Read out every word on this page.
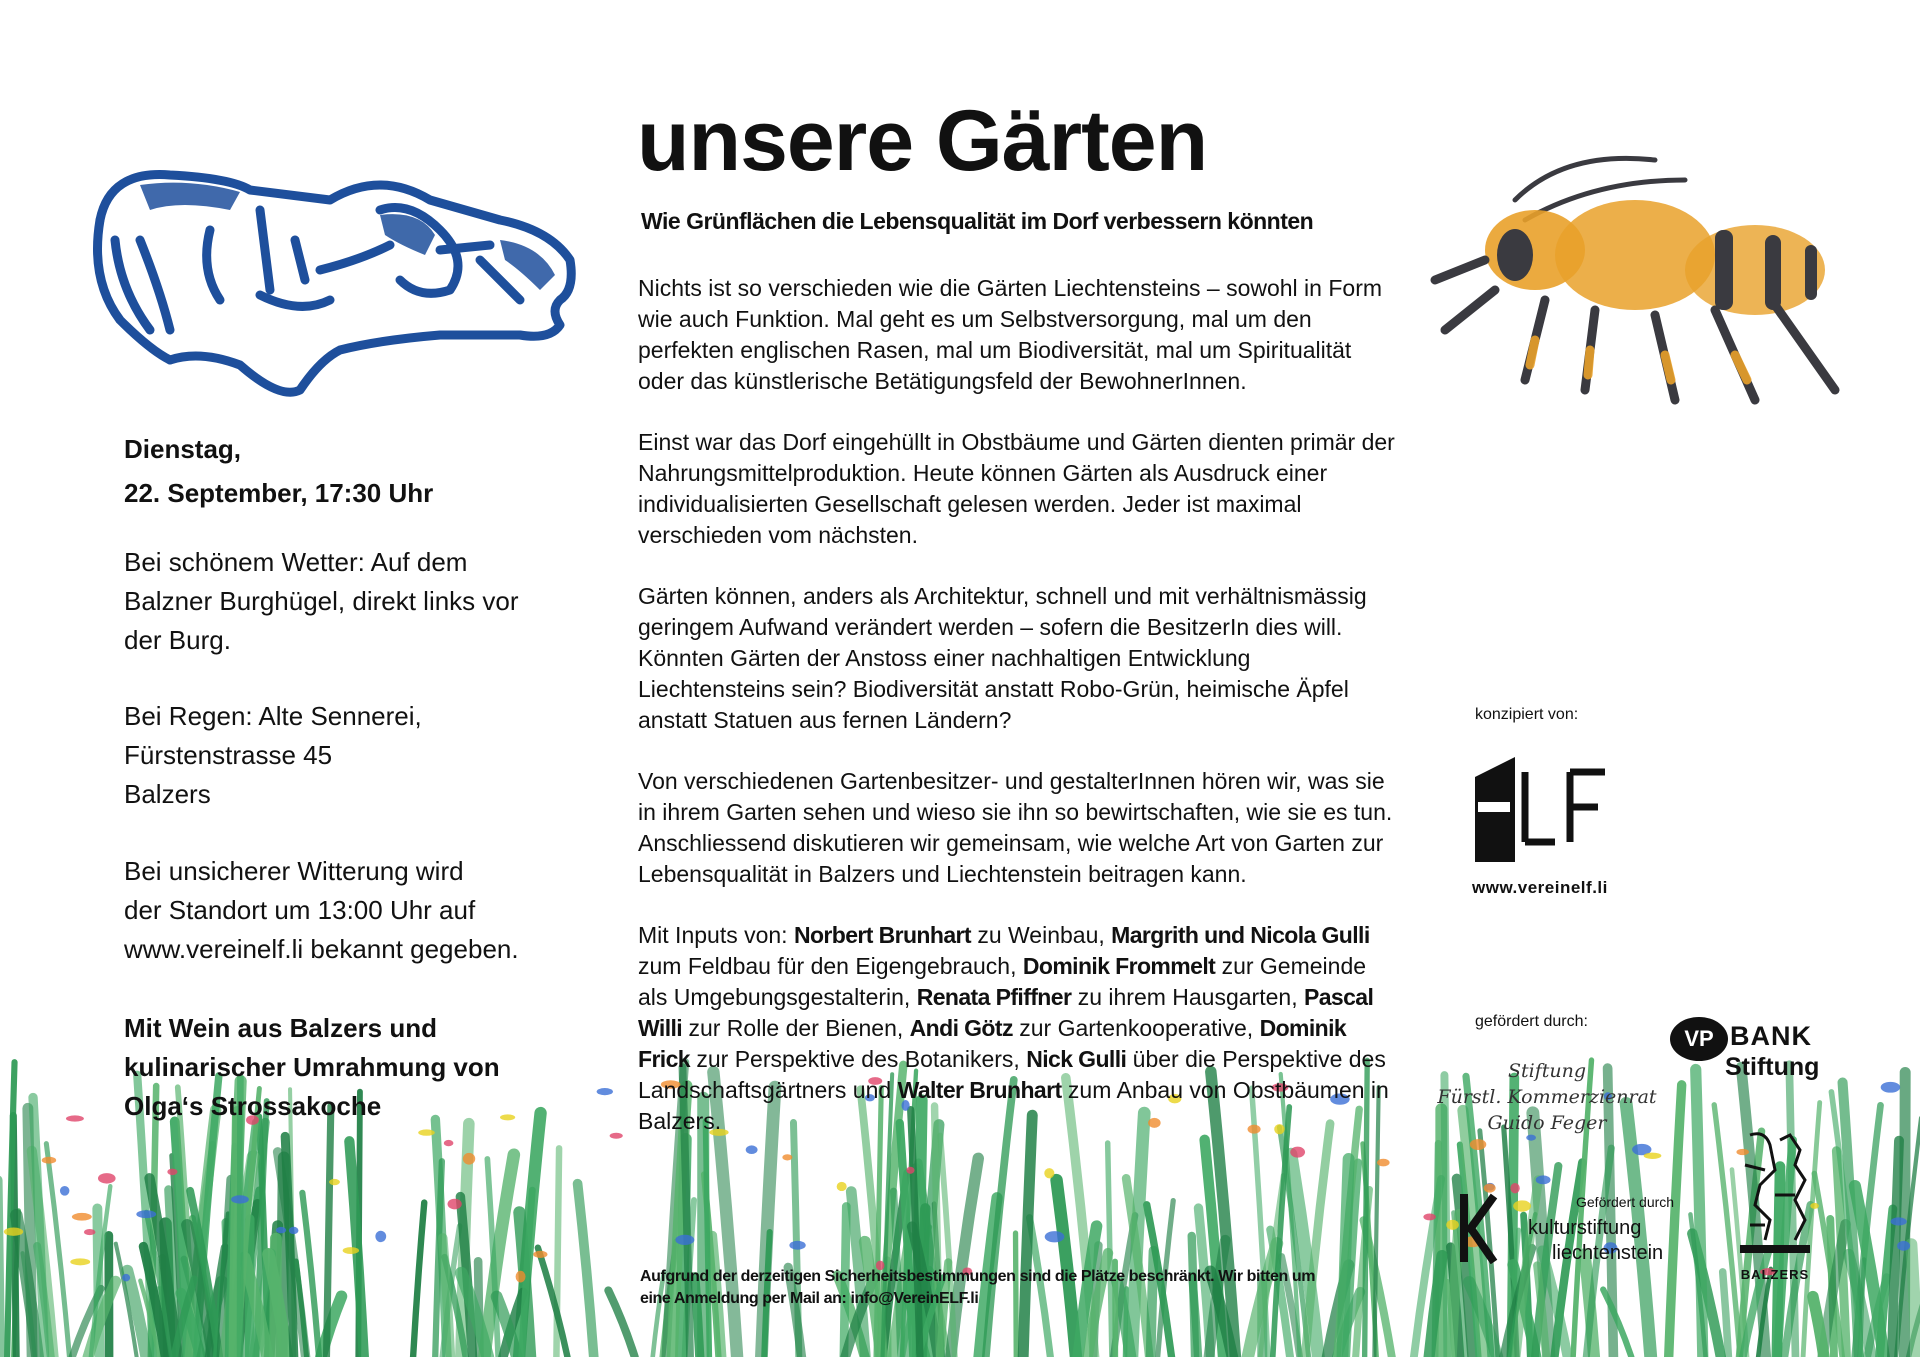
unsere Gärten
Wie Grünflächen die Lebensqualität im Dorf verbessern könnten

Dienstag,

22. September, 17:30 Uhr

Bei schönem Wetter: Auf dem

Balzner Burghügel, direkt links vor

der Burg.

Bei Regen: Alte Sennerei,

Fürstenstrasse 45

Balzers

Bei unsicherer Witterung wird

der Standort um 13:00 Uhr auf

www.vereinelf.li bekannt gegeben.

Mit Wein aus Balzers und

kulinarischer Umrahmung von

Olga‘s Strossakoche

Nichts ist so verschieden wie die Gärten Liechtensteins – sowohl in Form wie auch Funktion. Mal geht es um Selbstversorgung, mal um den perfekten englischen Rasen, mal um Biodiversität, mal um Spiritualität oder das künstlerische Betätigungsfeld der BewohnerInnen.

Einst war das Dorf eingehüllt in Obstbäume und Gärten dienten primär der Nahrungsmittelproduktion. Heute können Gärten als Ausdruck einer individualisierten Gesellschaft gelesen werden. Jeder ist maximal verschieden vom nächsten.

Gärten können, anders als Architektur, schnell und mit verhältnismässig geringem Aufwand verändert werden – sofern die BesitzerIn dies will. Könnten Gärten der Anstoss einer nachhaltigen Entwicklung Liechtensteins sein? Biodiversität anstatt Robo-Grün, heimische Äpfel anstatt Statuen aus fernen Ländern?

Von verschiedenen Gartenbesitzer- und gestalterInnen hören wir, was sie in ihrem Garten sehen und wieso sie ihn so bewirtschaften, wie sie es tun. Anschliessend diskutieren wir gemeinsam, wie welche Art von Garten zur Lebensqualität in Balzers und Liechtenstein beitragen kann.

Mit Inputs von: Norbert Brunhart zu Weinbau, Margrith und Nicola Gulli zum Feldbau für den Eigengebrauch, Dominik Frommelt zur Gemeinde als Umgebungsgestalterin, Renata Pfiffner zu ihrem Hausgarten, Pascal Willi zur Rolle der Bienen, Andi Götz zur Gartenkooperative, Dominik Frick zur Perspektive des Botanikers, Nick Gulli über die Perspektive des Landschaftsgärtners und Walter Brunhart zum Anbau von Obstbäumen in Balzers.

Aufgrund der derzeitigen Sicherheitsbestimmungen sind die Plätze beschränkt. Wir bitten um eine Anmeldung per Mail an: info@VereinELF.li
konzipiert von:
www.vereinelf.li
gefördert durch:
VP BANK
Stiftung
Stiftung
Fürstl. Kommerzienrat
Guido Feger
Gefördert durch
kulturstiftung
liechtenstein
BALZERS
